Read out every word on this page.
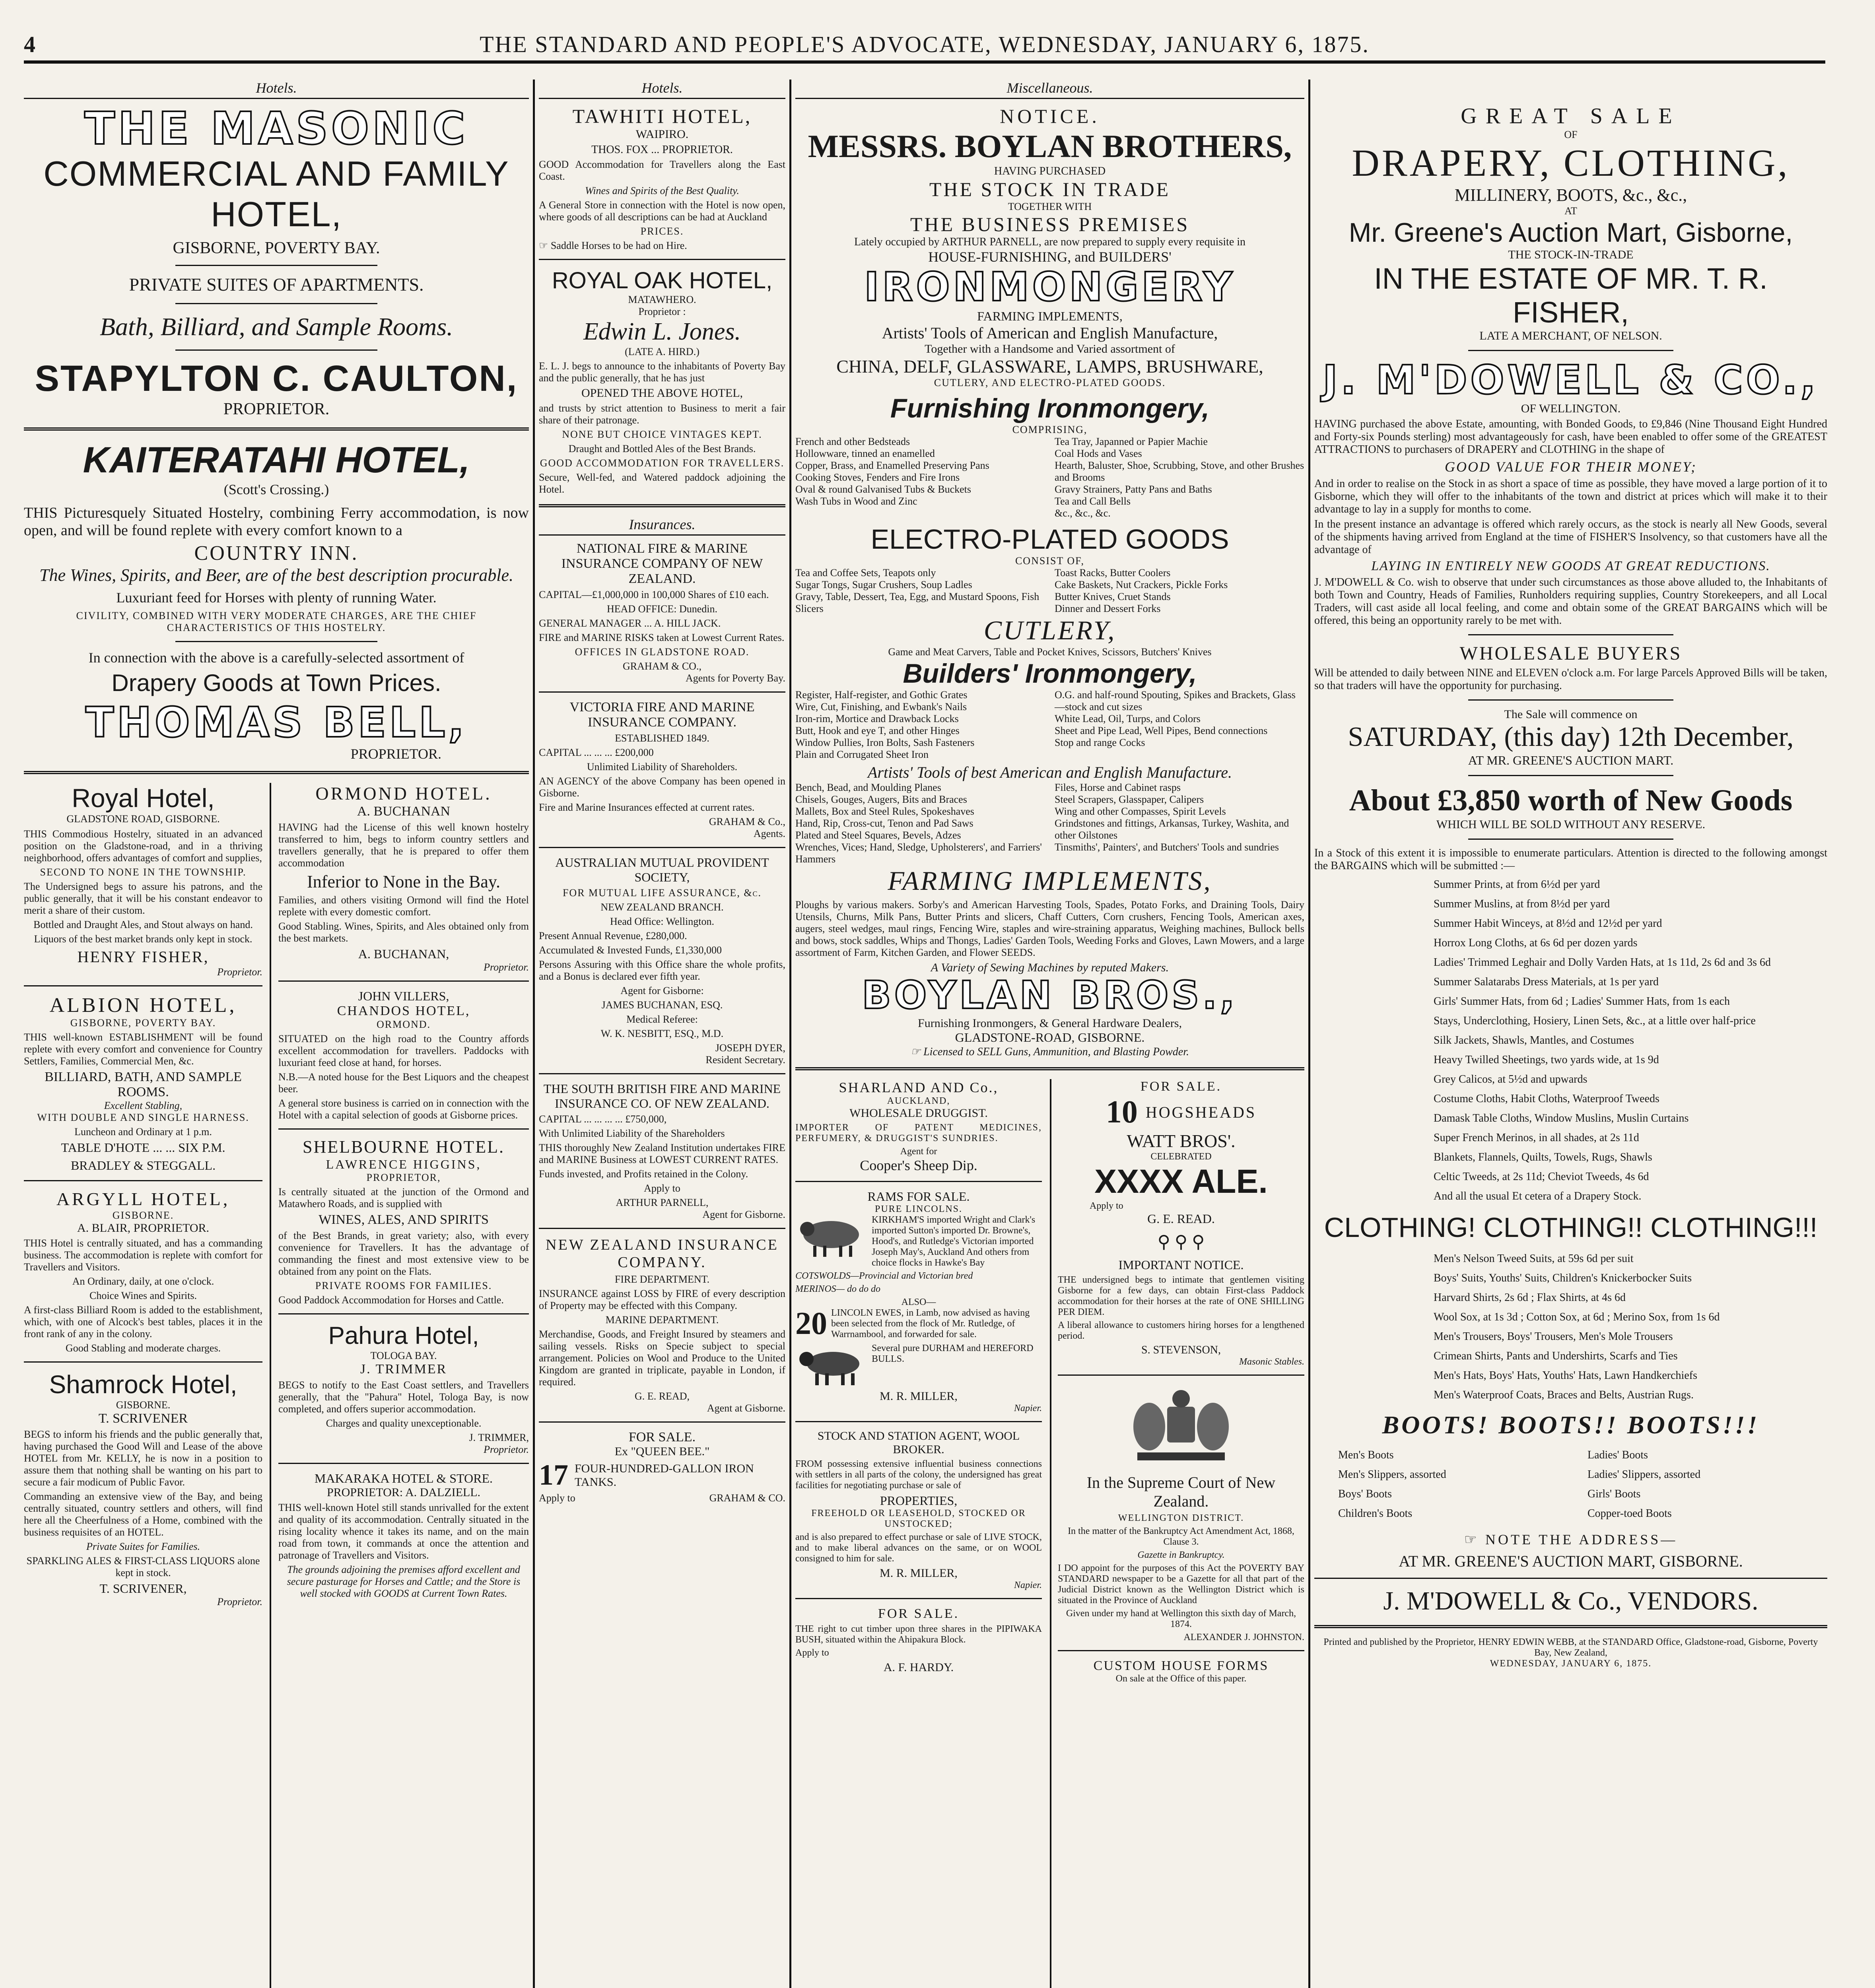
4	THE STANDARD AND PEOPLE'S ADVOCATE, WEDNESDAY, JANUARY 6, 1875.
Hotels.
THE MASONIC
COMMERCIAL AND FAMILY HOTEL,
GISBORNE, POVERTY BAY.
PRIVATE SUITES OF APARTMENTS.
Bath, Billiard, and Sample Rooms.
STAPYLTON C. CAULTON,
PROPRIETOR.
KAITERATAHI HOTEL,
(Scott's Crossing.)

THIS Picturesquely Situated Hostelry, combining Ferry accommodation, is now open, and will be found replete with every comfort known to a

COUNTRY INN.
The Wines, Spirits, and Beer, are of the best description procurable.
Luxuriant feed for Horses with plenty of running Water.
CIVILITY, COMBINED WITH VERY MODERATE CHARGES, ARE THE CHIEF CHARACTERISTICS OF THIS HOSTELRY.
In connection with the above is a carefully-selected assortment of
Drapery Goods at Town Prices.
THOMAS BELL,
PROPRIETOR.
Royal Hotel,
GLADSTONE ROAD, GISBORNE.

THIS Commodious Hostelry, situated in an advanced position on the Gladstone-road, and in a thriving neighborhood, offers advantages of comfort and supplies,

SECOND TO NONE IN THE TOWNSHIP.

The Undersigned begs to assure his patrons, and the public generally, that it will be his constant endeavor to merit a share of their custom.

Bottled and Draught Ales, and Stout always on hand.

Liquors of the best market brands only kept in stock.

HENRY FISHER,
Proprietor.
ALBION HOTEL,
GISBORNE, POVERTY BAY.

THIS well-known ESTABLISHMENT will be found replete with every comfort and convenience for Country Settlers, Families, Commercial Men, &c.

BILLIARD, BATH, AND SAMPLE ROOMS.
Excellent Stabling,
WITH DOUBLE AND SINGLE HARNESS.

Luncheon and Ordinary at 1 p.m.

TABLE D'HOTE ... ... SIX P.M.
BRADLEY & STEGGALL.
ARGYLL HOTEL,
GISBORNE.
A. BLAIR, PROPRIETOR.

THIS Hotel is centrally situated, and has a commanding business. The accommodation is replete with comfort for Travellers and Visitors.

An Ordinary, daily, at one o'clock.

Choice Wines and Spirits.

A first-class Billiard Room is added to the establishment, which, with one of Alcock's best tables, places it in the front rank of any in the colony.

Good Stabling and moderate charges.

Shamrock Hotel,
GISBORNE.
T. SCRIVENER

BEGS to inform his friends and the public generally that, having purchased the Good Will and Lease of the above HOTEL from Mr. KELLY, he is now in a position to assure them that nothing shall be wanting on his part to secure a fair modicum of Public Favor.

Commanding an extensive view of the Bay, and being centrally situated, country settlers and others, will find here all the Cheerfulness of a Home, combined with the business requisites of an HOTEL.

Private Suites for Families.

SPARKLING ALES & FIRST-CLASS LIQUORS alone kept in stock.

T. SCRIVENER,
Proprietor.
ORMOND HOTEL.
A. BUCHANAN

HAVING had the License of this well known hostelry transferred to him, begs to inform country settlers and travellers generally, that he is prepared to offer them accommodation

Inferior to None in the Bay.

Families, and others visiting Ormond will find the Hotel replete with every domestic comfort.

Good Stabling. Wines, Spirits, and Ales obtained only from the best markets.

A. BUCHANAN,
Proprietor.
JOHN VILLERS,
CHANDOS HOTEL,
ORMOND.

SITUATED on the high road to the Country affords excellent accommodation for travellers. Paddocks with luxuriant feed close at hand, for horses.

N.B.—A noted house for the Best Liquors and the cheapest beer.

A general store business is carried on in connection with the Hotel with a capital selection of goods at Gisborne prices.

SHELBOURNE HOTEL.
LAWRENCE HIGGINS,
PROPRIETOR,

Is centrally situated at the junction of the Ormond and Matawhero Roads, and is supplied with

WINES, ALES, AND SPIRITS

of the Best Brands, in great variety; also, with every convenience for Travellers. It has the advantage of commanding the finest and most extensive view to be obtained from any point on the Flats.

PRIVATE ROOMS FOR FAMILIES.

Good Paddock Accommodation for Horses and Cattle.

Pahura Hotel,
TOLOGA BAY.
J. TRIMMER

BEGS to notify to the East Coast settlers, and Travellers generally, that the "Pahura" Hotel, Tologa Bay, is now completed, and offers superior accommodation.

Charges and quality unexceptionable.

J. TRIMMER,
Proprietor.
MAKARAKA HOTEL & STORE.
PROPRIETOR: A. DALZIELL.

THIS well-known Hotel still stands unrivalled for the extent and quality of its accommodation. Centrally situated in the rising locality whence it takes its name, and on the main road from town, it commands at once the attention and patronage of Travellers and Visitors.

The grounds adjoining the premises afford excellent and secure pasturage for Horses and Cattle; and the Store is well stocked with GOODS at Current Town Rates.

Hotels.
TAWHITI HOTEL,
WAIPIRO.

THOS. FOX ... PROPRIETOR.

GOOD Accommodation for Travellers along the East Coast.

Wines and Spirits of the Best Quality.

A General Store in connection with the Hotel is now open, where goods of all descriptions can be had at Auckland

PRICES.

☞ Saddle Horses to be had on Hire.

ROYAL OAK HOTEL,
MATAWHERO.
Proprietor :
Edwin L. Jones.
(LATE A. HIRD.)

E. L. J. begs to announce to the inhabitants of Poverty Bay and the public generally, that he has just

OPENED THE ABOVE HOTEL,

and trusts by strict attention to Business to merit a fair share of their patronage.

NONE BUT CHOICE VINTAGES KEPT.

Draught and Bottled Ales of the Best Brands.

GOOD ACCOMMODATION FOR TRAVELLERS.

Secure, Well-fed, and Watered paddock adjoining the Hotel.

Insurances.
NATIONAL FIRE & MARINE INSURANCE COMPANY OF NEW ZEALAND.

CAPITAL—£1,000,000 in 100,000 Shares of £10 each.

HEAD OFFICE: Dunedin.

GENERAL MANAGER ... A. HILL JACK.

FIRE and MARINE RISKS taken at Lowest Current Rates.

OFFICES IN GLADSTONE ROAD.

GRAHAM & CO.,
Agents for Poverty Bay.
VICTORIA FIRE AND MARINE INSURANCE COMPANY.

ESTABLISHED 1849.

CAPITAL ... ... ... £200,000

Unlimited Liability of Shareholders.

AN AGENCY of the above Company has been opened in Gisborne.

Fire and Marine Insurances effected at current rates.

GRAHAM & Co.,
Agents.
AUSTRALIAN MUTUAL PROVIDENT SOCIETY,

FOR MUTUAL LIFE ASSURANCE, &c.

NEW ZEALAND BRANCH.

Head Office: Wellington.

Present Annual Revenue, £280,000.

Accumulated & Invested Funds, £1,330,000

Persons Assuring with this Office share the whole profits, and a Bonus is declared ever fifth year.

Agent for Gisborne:

JAMES BUCHANAN, ESQ.

Medical Referee:

W. K. NESBITT, ESQ., M.D.

JOSEPH DYER,
Resident Secretary.
THE SOUTH BRITISH FIRE AND MARINE INSURANCE CO. OF NEW ZEALAND.

CAPITAL ... ... ... ... £750,000,

With Unlimited Liability of the Shareholders

THIS thoroughly New Zealand Institution undertakes FIRE and MARINE Business at LOWEST CURRENT RATES.

Funds invested, and Profits retained in the Colony.

Apply to

ARTHUR PARNELL,
Agent for Gisborne.
NEW ZEALAND INSURANCE COMPANY.

FIRE DEPARTMENT.

INSURANCE against LOSS by FIRE of every description of Property may be effected with this Company.

MARINE DEPARTMENT.

Merchandise, Goods, and Freight Insured by steamers and sailing vessels. Risks on Specie subject to special arrangement. Policies on Wool and Produce to the United Kingdom are granted in triplicate, payable in London, if required.

G. E. READ,
Agent at Gisborne.
FOR SALE.
Ex "QUEEN BEE."
17 FOUR-HUNDRED-GALLON IRON TANKS.
Apply to	GRAHAM & CO.
Miscellaneous.
NOTICE.
MESSRS. BOYLAN BROTHERS,
HAVING PURCHASED
THE STOCK IN TRADE
TOGETHER WITH
THE BUSINESS PREMISES
Lately occupied by ARTHUR PARNELL, are now prepared to supply every requisite in
HOUSE-FURNISHING, and BUILDERS'
IRONMONGERY
FARMING IMPLEMENTS,
Artists' Tools of American and English Manufacture,
Together with a Handsome and Varied assortment of
CHINA, DELF, GLASSWARE, LAMPS, BRUSHWARE,
CUTLERY, AND ELECTRO-PLATED GOODS.
Furnishing Ironmongery,
COMPRISING,
French and other Bedsteads
Hollowware, tinned an enamelled
Copper, Brass, and Enamelled Preserving Pans
Cooking Stoves, Fenders and Fire Irons
Oval & round Galvanised Tubs & Buckets
Wash Tubs in Wood and Zinc
Tea Tray, Japanned or Papier Machie
Coal Hods and Vases
Hearth, Baluster, Shoe, Scrubbing, Stove, and other Brushes and Brooms
Gravy Strainers, Patty Pans and Baths
Tea and Call Bells
&c., &c., &c.
ELECTRO-PLATED GOODS
CONSIST OF,
Tea and Coffee Sets, Teapots only
Sugar Tongs, Sugar Crushers, Soup Ladles
Gravy, Table, Dessert, Tea, Egg, and Mustard Spoons, Fish Slicers
Toast Racks, Butter Coolers
Cake Baskets, Nut Crackers, Pickle Forks
Butter Knives, Cruet Stands
Dinner and Dessert Forks
CUTLERY,
Game and Meat Carvers, Table and Pocket Knives, Scissors, Butchers' Knives
Builders' Ironmongery,
Register, Half-register, and Gothic Grates
Wire, Cut, Finishing, and Ewbank's Nails
Iron-rim, Mortice and Drawback Locks
Butt, Hook and eye T, and other Hinges
Window Pullies, Iron Bolts, Sash Fasteners
Plain and Corrugated Sheet Iron
O.G. and half-round Spouting, Spikes and Brackets, Glass—stock and cut sizes
White Lead, Oil, Turps, and Colors
Sheet and Pipe Lead, Well Pipes, Bend connections
Stop and range Cocks
Artists' Tools of best American and English Manufacture.
Bench, Bead, and Moulding Planes
Chisels, Gouges, Augers, Bits and Braces
Mallets, Box and Steel Rules, Spokeshaves
Hand, Rip, Cross-cut, Tenon and Pad Saws
Plated and Steel Squares, Bevels, Adzes
Wrenches, Vices; Hand, Sledge, Upholsterers', and Farriers' Hammers
Files, Horse and Cabinet rasps
Steel Scrapers, Glasspaper, Calipers
Wing and other Compasses, Spirit Levels
Grindstones and fittings, Arkansas, Turkey, Washita, and other Oilstones
Tinsmiths', Painters', and Butchers' Tools and sundries
FARMING IMPLEMENTS,

Ploughs by various makers. Sorby's and American Harvesting Tools, Spades, Potato Forks, and Draining Tools, Dairy Utensils, Churns, Milk Pans, Butter Prints and slicers, Chaff Cutters, Corn crushers, Fencing Tools, American axes, augers, steel wedges, maul rings, Fencing Wire, staples and wire-straining apparatus, Weighing machines, Bullock bells and bows, stock saddles, Whips and Thongs, Ladies' Garden Tools, Weeding Forks and Gloves, Lawn Mowers, and a large assortment of Farm, Kitchen Garden, and Flower SEEDS.

A Variety of Sewing Machines by reputed Makers.
BOYLAN BROS.,
Furnishing Ironmongers, & General Hardware Dealers,
GLADSTONE-ROAD, GISBORNE.
☞ Licensed to SELL Guns, Ammunition, and Blasting Powder.
SHARLAND AND Co.,
AUCKLAND,
WHOLESALE DRUGGIST.

IMPORTER OF PATENT MEDICINES, PERFUMERY, & DRUGGIST'S SUNDRIES.

Agent for
Cooper's Sheep Dip.
RAMS FOR SALE.
PURE LINCOLNS.
KIRKHAM'S imported Wright and Clark's imported Sutton's imported Dr. Browne's, Hood's, and Rutledge's Victorian imported Joseph May's, Auckland And others from choice flocks in Hawke's Bay

COTSWOLDS—Provincial and Victorian bred

MERINOS— do do do

ALSO—
20 LINCOLN EWES, in Lamb, now advised as having been selected from the flock of Mr. Rutledge, of Warrnambool, and forwarded for sale.
Several pure DURHAM and HEREFORD BULLS.
M. R. MILLER,
Napier.
STOCK AND STATION AGENT, WOOL BROKER.

FROM possessing extensive influential business connections with settlers in all parts of the colony, the undersigned has great facilities for negotiating purchase or sale of

PROPERTIES,
FREEHOLD OR LEASEHOLD, STOCKED OR UNSTOCKED;

and is also prepared to effect purchase or sale of LIVE STOCK, and to make liberal advances on the same, or on WOOL consigned to him for sale.

M. R. MILLER,
Napier.
FOR SALE.

THE right to cut timber upon three shares in the PIPIWAKA BUSH, situated within the Ahipakura Block.

Apply to

A. F. HARDY.
FOR SALE.
10 HOGSHEADS
WATT BROS'.
CELEBRATED
XXXX ALE.
Apply to
G. E. READ.
⚲ ⚲ ⚲
IMPORTANT NOTICE.

THE undersigned begs to intimate that gentlemen visiting Gisborne for a few days, can obtain First-class Paddock accommodation for their horses at the rate of ONE SHILLING PER DIEM.

A liberal allowance to customers hiring horses for a lengthened period.

S. STEVENSON,
Masonic Stables.
In the Supreme Court of New Zealand.

WELLINGTON DISTRICT.

In the matter of the Bankruptcy Act Amendment Act, 1868, Clause 3.

Gazette in Bankruptcy.

I DO appoint for the purposes of this Act the POVERTY BAY STANDARD newspaper to be a Gazette for all that part of the Judicial District known as the Wellington District which is situated in the Province of Auckland

Given under my hand at Wellington this sixth day of March, 1874.

ALEXANDER J. JOHNSTON.
CUSTOM HOUSE FORMS
On sale at the Office of this paper.
GREAT SALE
OF
DRAPERY, CLOTHING,
MILLINERY, BOOTS, &c., &c.,
AT
Mr. Greene's Auction Mart, Gisborne,
THE STOCK-IN-TRADE
IN THE ESTATE OF MR. T. R. FISHER,
LATE A MERCHANT, OF NELSON.
J. M'DOWELL & CO.,
OF WELLINGTON.

HAVING purchased the above Estate, amounting, with Bonded Goods, to £9,846 (Nine Thousand Eight Hundred and Forty-six Pounds sterling) most advantageously for cash, have been enabled to offer some of the GREATEST ATTRACTIONS to purchasers of DRAPERY and CLOTHING in the shape of

GOOD VALUE FOR THEIR MONEY;

And in order to realise on the Stock in as short a space of time as possible, they have moved a large portion of it to Gisborne, which they will offer to the inhabitants of the town and district at prices which will make it to their advantage to lay in a supply for months to come.

In the present instance an advantage is offered which rarely occurs, as the stock is nearly all New Goods, several of the shipments having arrived from England at the time of FISHER'S Insolvency, so that customers have all the advantage of

LAYING IN ENTIRELY NEW GOODS AT GREAT REDUCTIONS.

J. M'DOWELL & Co. wish to observe that under such circumstances as those above alluded to, the Inhabitants of both Town and Country, Heads of Families, Runholders requiring supplies, Country Storekeepers, and all Local Traders, will cast aside all local feeling, and come and obtain some of the GREAT BARGAINS which will be offered, this being an opportunity rarely to be met with.

WHOLESALE BUYERS

Will be attended to daily between NINE and ELEVEN o'clock a.m. For large Parcels Approved Bills will be taken, so that traders will have the opportunity for purchasing.

The Sale will commence on
SATURDAY, (this day) 12th December,
AT MR. GREENE'S AUCTION MART.
About £3,850 worth of New Goods
WHICH WILL BE SOLD WITHOUT ANY RESERVE.

In a Stock of this extent it is impossible to enumerate particulars. Attention is directed to the following amongst the BARGAINS which will be submitted :—

Summer Prints, at from 6½d per yard
Summer Muslins, at from 8½d per yard
Summer Habit Winceys, at 8½d and 12½d per yard
Horrox Long Cloths, at 6s 6d per dozen yards
Ladies' Trimmed Leghair and Dolly Varden Hats, at 1s 11d, 2s 6d and 3s 6d
Summer Salatarabs Dress Materials, at 1s per yard
Girls' Summer Hats, from 6d ; Ladies' Summer Hats, from 1s each
Stays, Underclothing, Hosiery, Linen Sets, &c., at a little over half-price
Silk Jackets, Shawls, Mantles, and Costumes
Heavy Twilled Sheetings, two yards wide, at 1s 9d
Grey Calicos, at 5½d and upwards
Costume Cloths, Habit Cloths, Waterproof Tweeds
Damask Table Cloths, Window Muslins, Muslin Curtains
Super French Merinos, in all shades, at 2s 11d
Blankets, Flannels, Quilts, Towels, Rugs, Shawls
Celtic Tweeds, at 2s 11d; Cheviot Tweeds, 4s 6d
And all the usual Et cetera of a Drapery Stock.
CLOTHING! CLOTHING!! CLOTHING!!!
Men's Nelson Tweed Suits, at 59s 6d per suit
Boys' Suits, Youths' Suits, Children's Knickerbocker Suits
Harvard Shirts, 2s 6d ; Flax Shirts, at 4s 6d
Wool Sox, at 1s 3d ; Cotton Sox, at 6d ; Merino Sox, from 1s 6d
Men's Trousers, Boys' Trousers, Men's Mole Trousers
Crimean Shirts, Pants and Undershirts, Scarfs and Ties
Men's Hats, Boys' Hats, Youths' Hats, Lawn Handkerchiefs
Men's Waterproof Coats, Braces and Belts, Austrian Rugs.
BOOTS! BOOTS!! BOOTS!!!
Men's Boots
Men's Slippers, assorted
Boys' Boots
Children's Boots
Ladies' Boots
Ladies' Slippers, assorted
Girls' Boots
Copper-toed Boots
☞ NOTE THE ADDRESS—
AT MR. GREENE'S AUCTION MART, GISBORNE.
J. M'DOWELL & Co., VENDORS.
Printed and published by the Proprietor, HENRY EDWIN WEBB, at the STANDARD Office, Gladstone-road, Gisborne, Poverty Bay, New Zealand,
WEDNESDAY, JANUARY 6, 1875.
